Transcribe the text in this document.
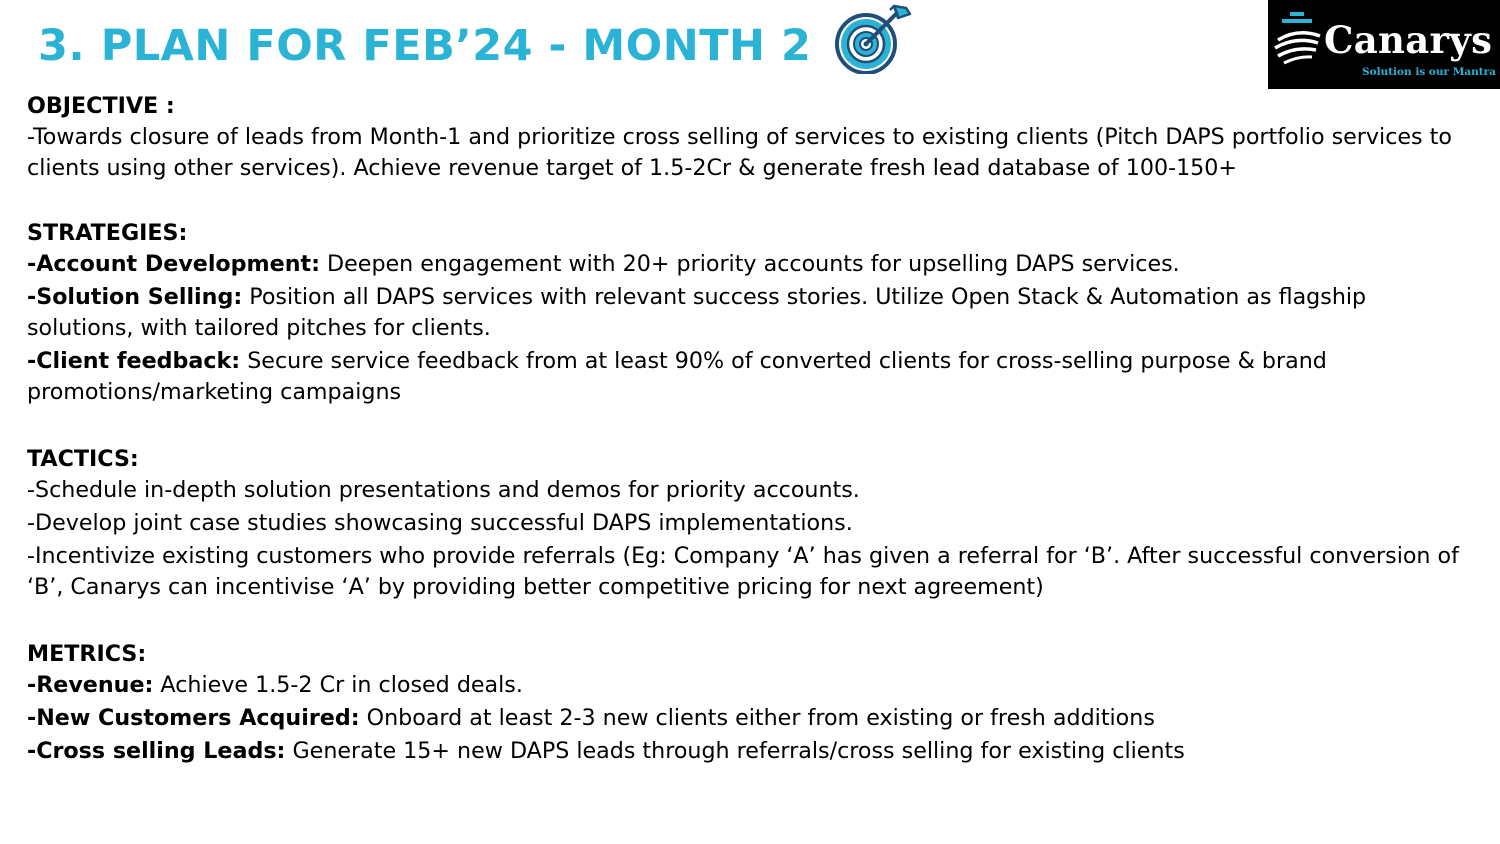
3. PLAN FOR FEB’24 - MONTH 2	Canarys
Solution is our Mantra

OBJECTIVE :

-Towards closure of leads from Month-1 and prioritize cross selling of services to existing clients (Pitch DAPS portfolio services to clients using other services). Achieve revenue target of 1.5-2Cr & generate fresh lead database of 100-150+

STRATEGIES:

-Account Development: Deepen engagement with 20+ priority accounts for upselling DAPS services.

-Solution Selling: Position all DAPS services with relevant success stories. Utilize Open Stack & Automation as flagship solutions, with tailored pitches for clients.

-Client feedback: Secure service feedback from at least 90% of converted clients for cross-selling purpose & brand promotions/marketing campaigns

TACTICS:

-Schedule in-depth solution presentations and demos for priority accounts.

-Develop joint case studies showcasing successful DAPS implementations.

-Incentivize existing customers who provide referrals (Eg: Company ‘A’ has given a referral for ‘B’. After successful conversion of ‘B’, Canarys can incentivise ‘A’ by providing better competitive pricing for next agreement)

METRICS:

-Revenue: Achieve 1.5-2 Cr in closed deals.

-New Customers Acquired: Onboard at least 2-3 new clients either from existing or fresh additions

-Cross selling Leads: Generate 15+ new DAPS leads through referrals/cross selling for existing clients
